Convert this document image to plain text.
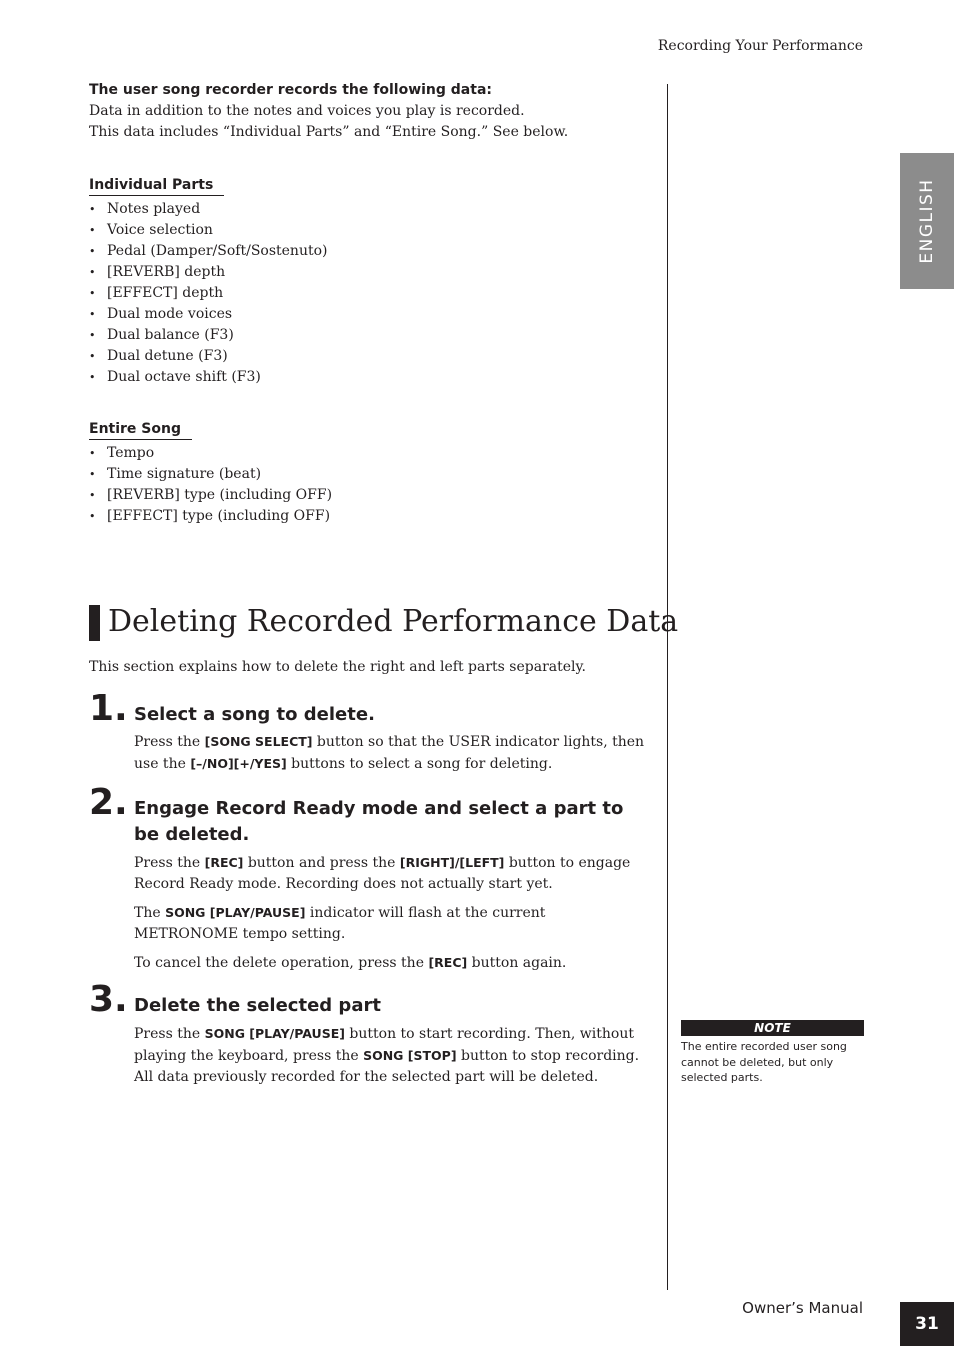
Recording Your Performance
ENGLISH
The user song recorder records the following data:
Data in addition to the notes and voices you play is recorded.
This data includes “Individual Parts” and “Entire Song.” See below.
Individual Parts
• Notes played
• Voice selection
• Pedal (Damper/Soft/Sostenuto)
• [REVERB] depth
• [EFFECT] depth
• Dual mode voices
• Dual balance (F3)
• Dual detune (F3)
• Dual octave shift (F3)
Entire Song
• Tempo
• Time signature (beat)
• [REVERB] type (including OFF)
• [EFFECT] type (including OFF)
Deleting Recorded Performance Data
This section explains how to delete the right and left parts separately.
1. Select a song to delete.
Press the [SONG SELECT] button so that the USER indicator lights, then use the [–/NO][+/YES] buttons to select a song for deleting.
2. Engage Record Ready mode and select a part to be deleted.
Press the [REC] button and press the [RIGHT]/[LEFT] button to engage Record Ready mode. Recording does not actually start yet.
The SONG [PLAY/PAUSE] indicator will flash at the current METRONOME tempo setting.
To cancel the delete operation, press the [REC] button again.
3. Delete the selected part
Press the SONG [PLAY/PAUSE] button to start recording. Then, without playing the keyboard, press the SONG [STOP] button to stop recording. All data previously recorded for the selected part will be deleted.
NOTE
The entire recorded user song cannot be deleted, but only selected parts.
Owner’s Manual
31
